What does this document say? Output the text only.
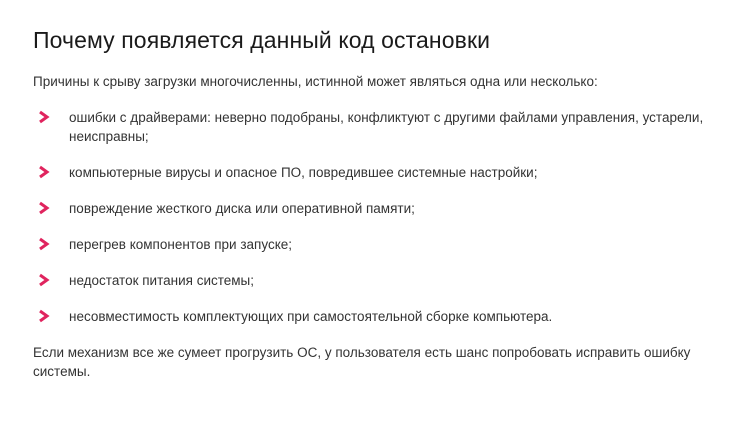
Почему появляется данный код остановки

Причины к срыву загрузки многочисленны, истинной может являться одна или несколько:

ошибки с драйверами: неверно подобраны, конфликтуют с другими файлами управления, устарели, неисправны;
компьютерные вирусы и опасное ПО, повредившее системные настройки;
повреждение жесткого диска или оперативной памяти;
перегрев компонентов при запуске;
недостаток питания системы;
несовместимость комплектующих при самостоятельной сборке компьютера.

Если механизм все же сумеет прогрузить ОС, у пользователя есть шанс попробовать исправить ошибку системы.
